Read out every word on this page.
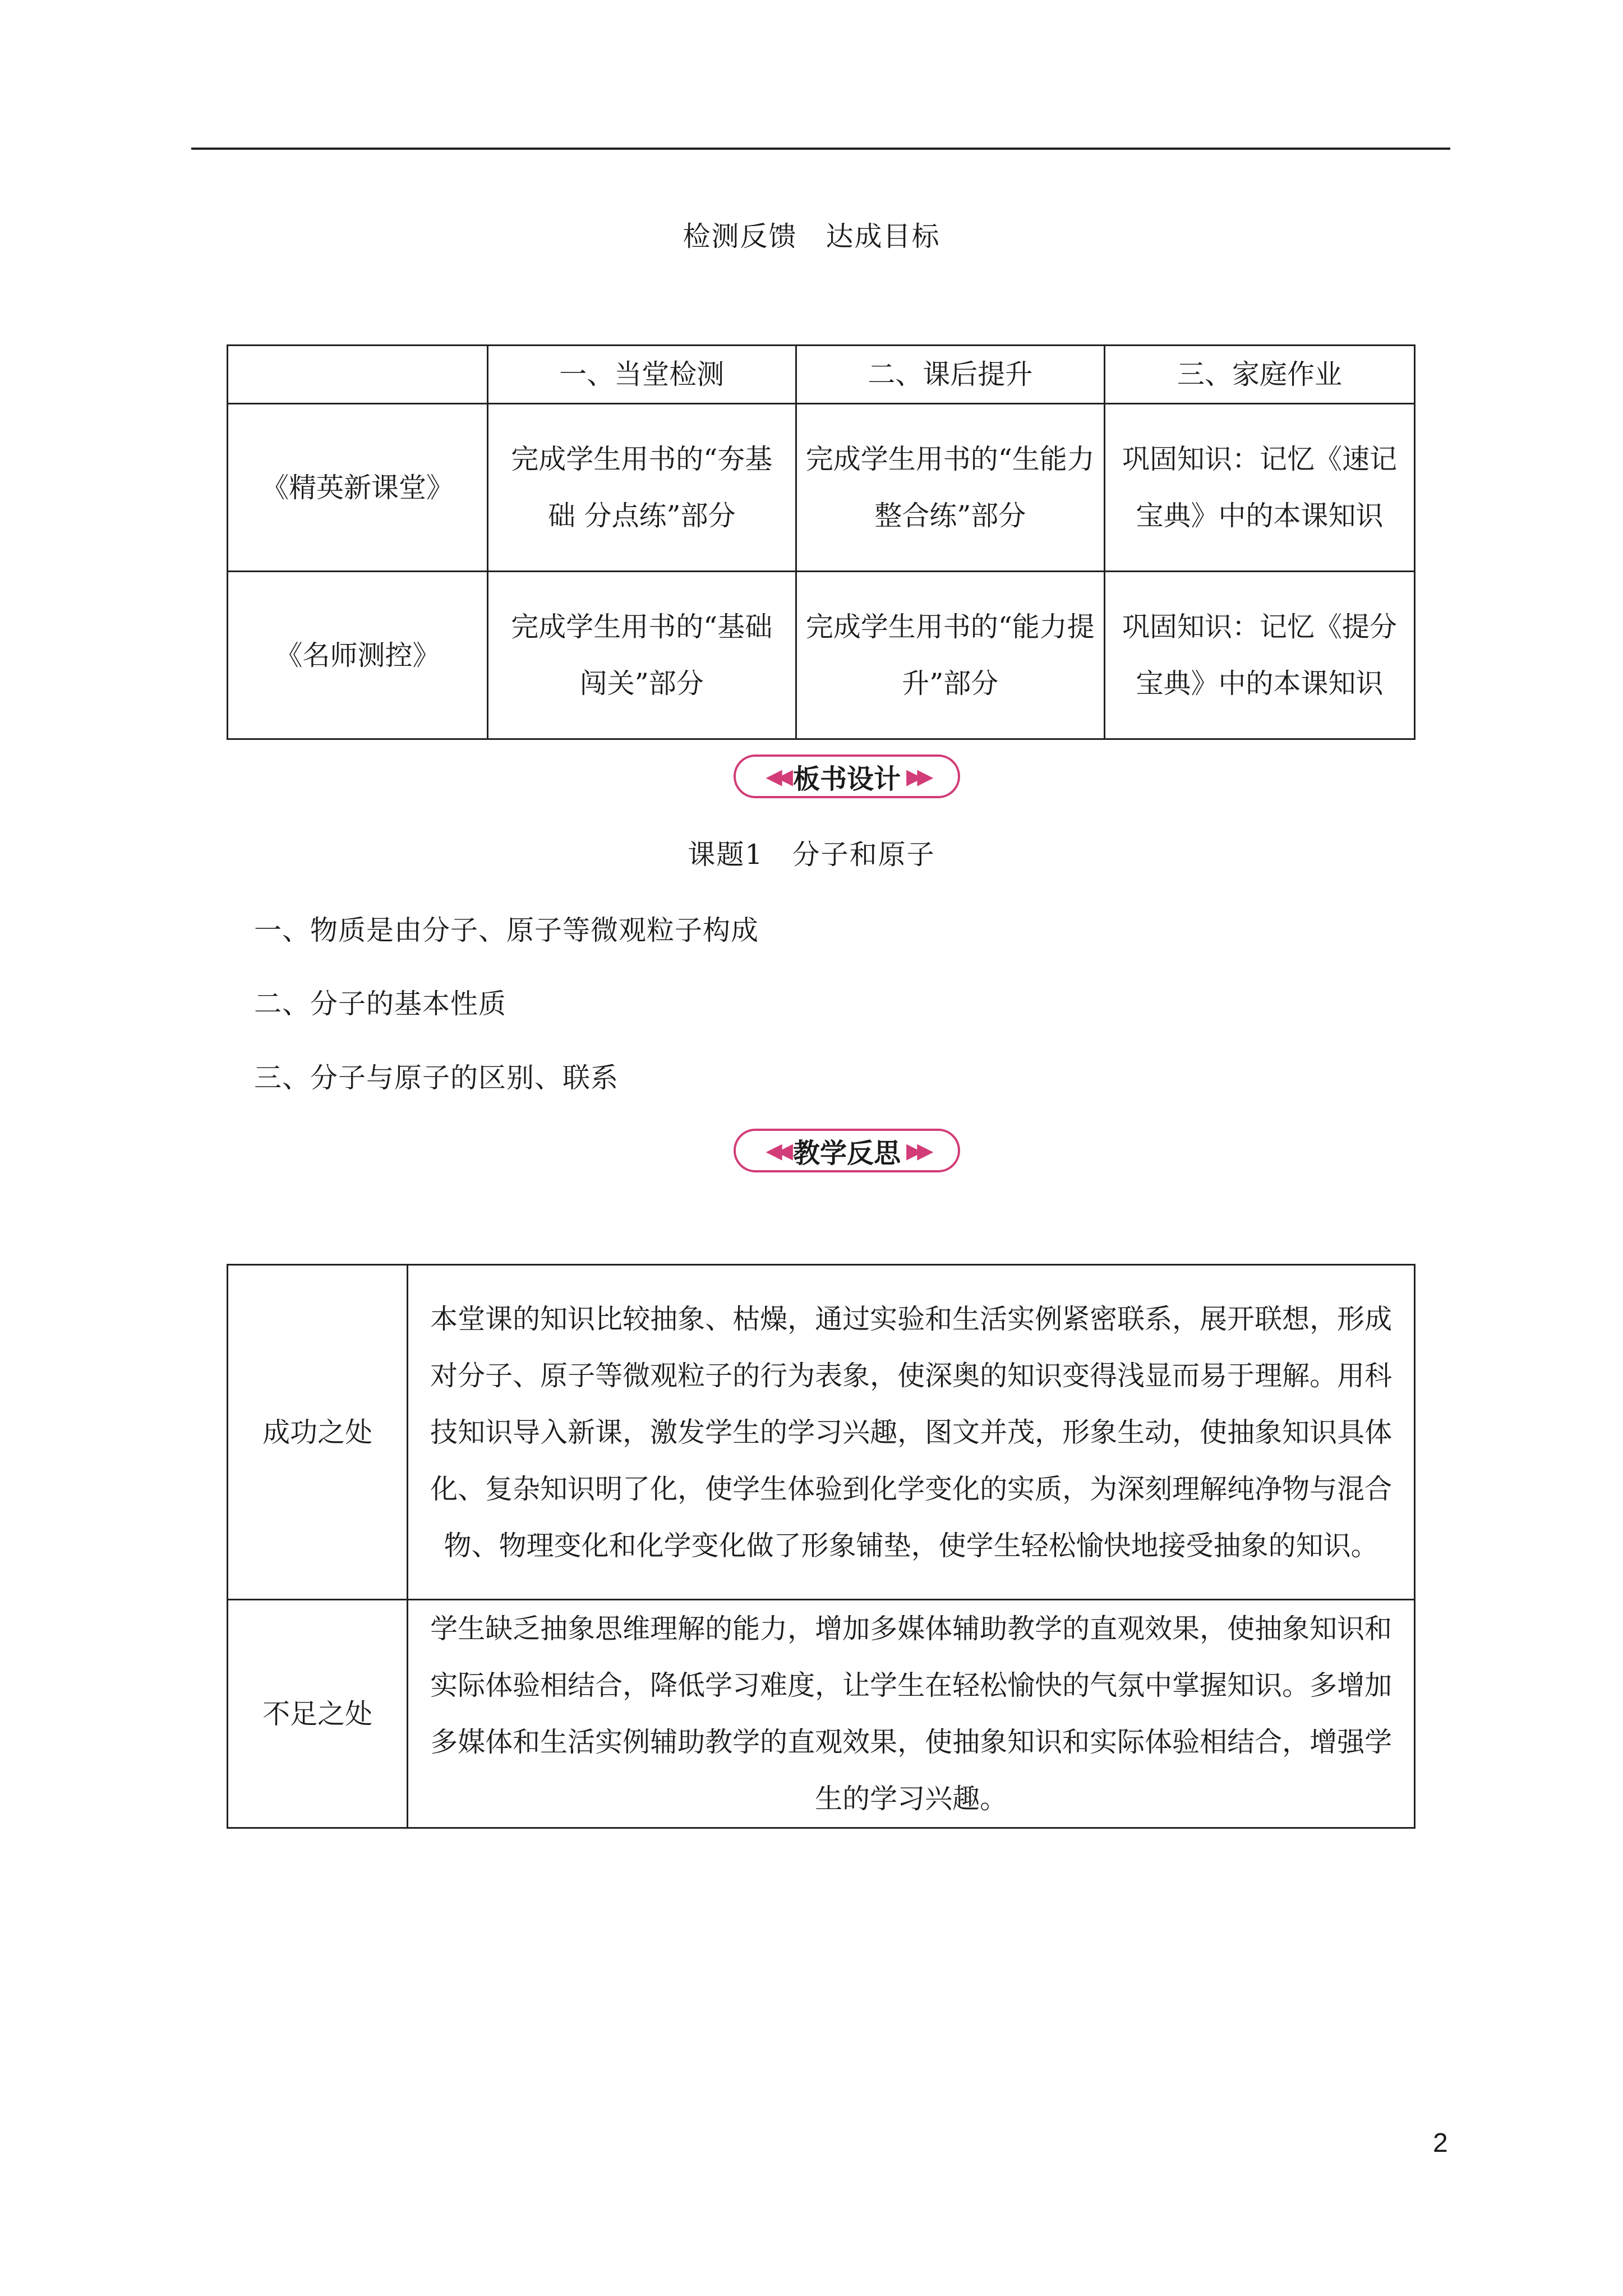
检测反馈　达成目标
	一、当堂检测	二、课后提升	三、家庭作业
《精英新课堂》	完成学生用书的“夯基础 分点练”部分	完成学生用书的“生能力 整合练”部分	巩固知识：记忆《速记宝典》中的本课知识
《名师测控》	完成学生用书的“基础闯关”部分	完成学生用书的“能力提升”部分	巩固知识：记忆《提分宝典》中的本课知识
◀◀ 板书设计 ▶▶
课题1　分子和原子
一、物质是由分子、原子等微观粒子构成
二、分子的基本性质
三、分子与原子的区别、联系
◀◀ 教学反思 ▶▶
成功之处	本堂课的知识比较抽象、枯燥，通过实验和生活实例紧密联系，展开联想，形成对分子、原子等微观粒子的行为表象，使深奥的知识变得浅显而易于理解。用科技知识导入新课，激发学生的学习兴趣，图文并茂，形象生动，使抽象知识具体化、复杂知识明了化，使学生体验到化学变化的实质，为深刻理解纯净物与混合物、物理变化和化学变化做了形象铺垫，使学生轻松愉快地接受抽象的知识。
不足之处	学生缺乏抽象思维理解的能力，增加多媒体辅助教学的直观效果，使抽象知识和实际体验相结合，降低学习难度，让学生在轻松愉快的气氛中掌握知识。多增加多媒体和生活实例辅助教学的直观效果，使抽象知识和实际体验相结合，增强学生的学习兴趣。
2
